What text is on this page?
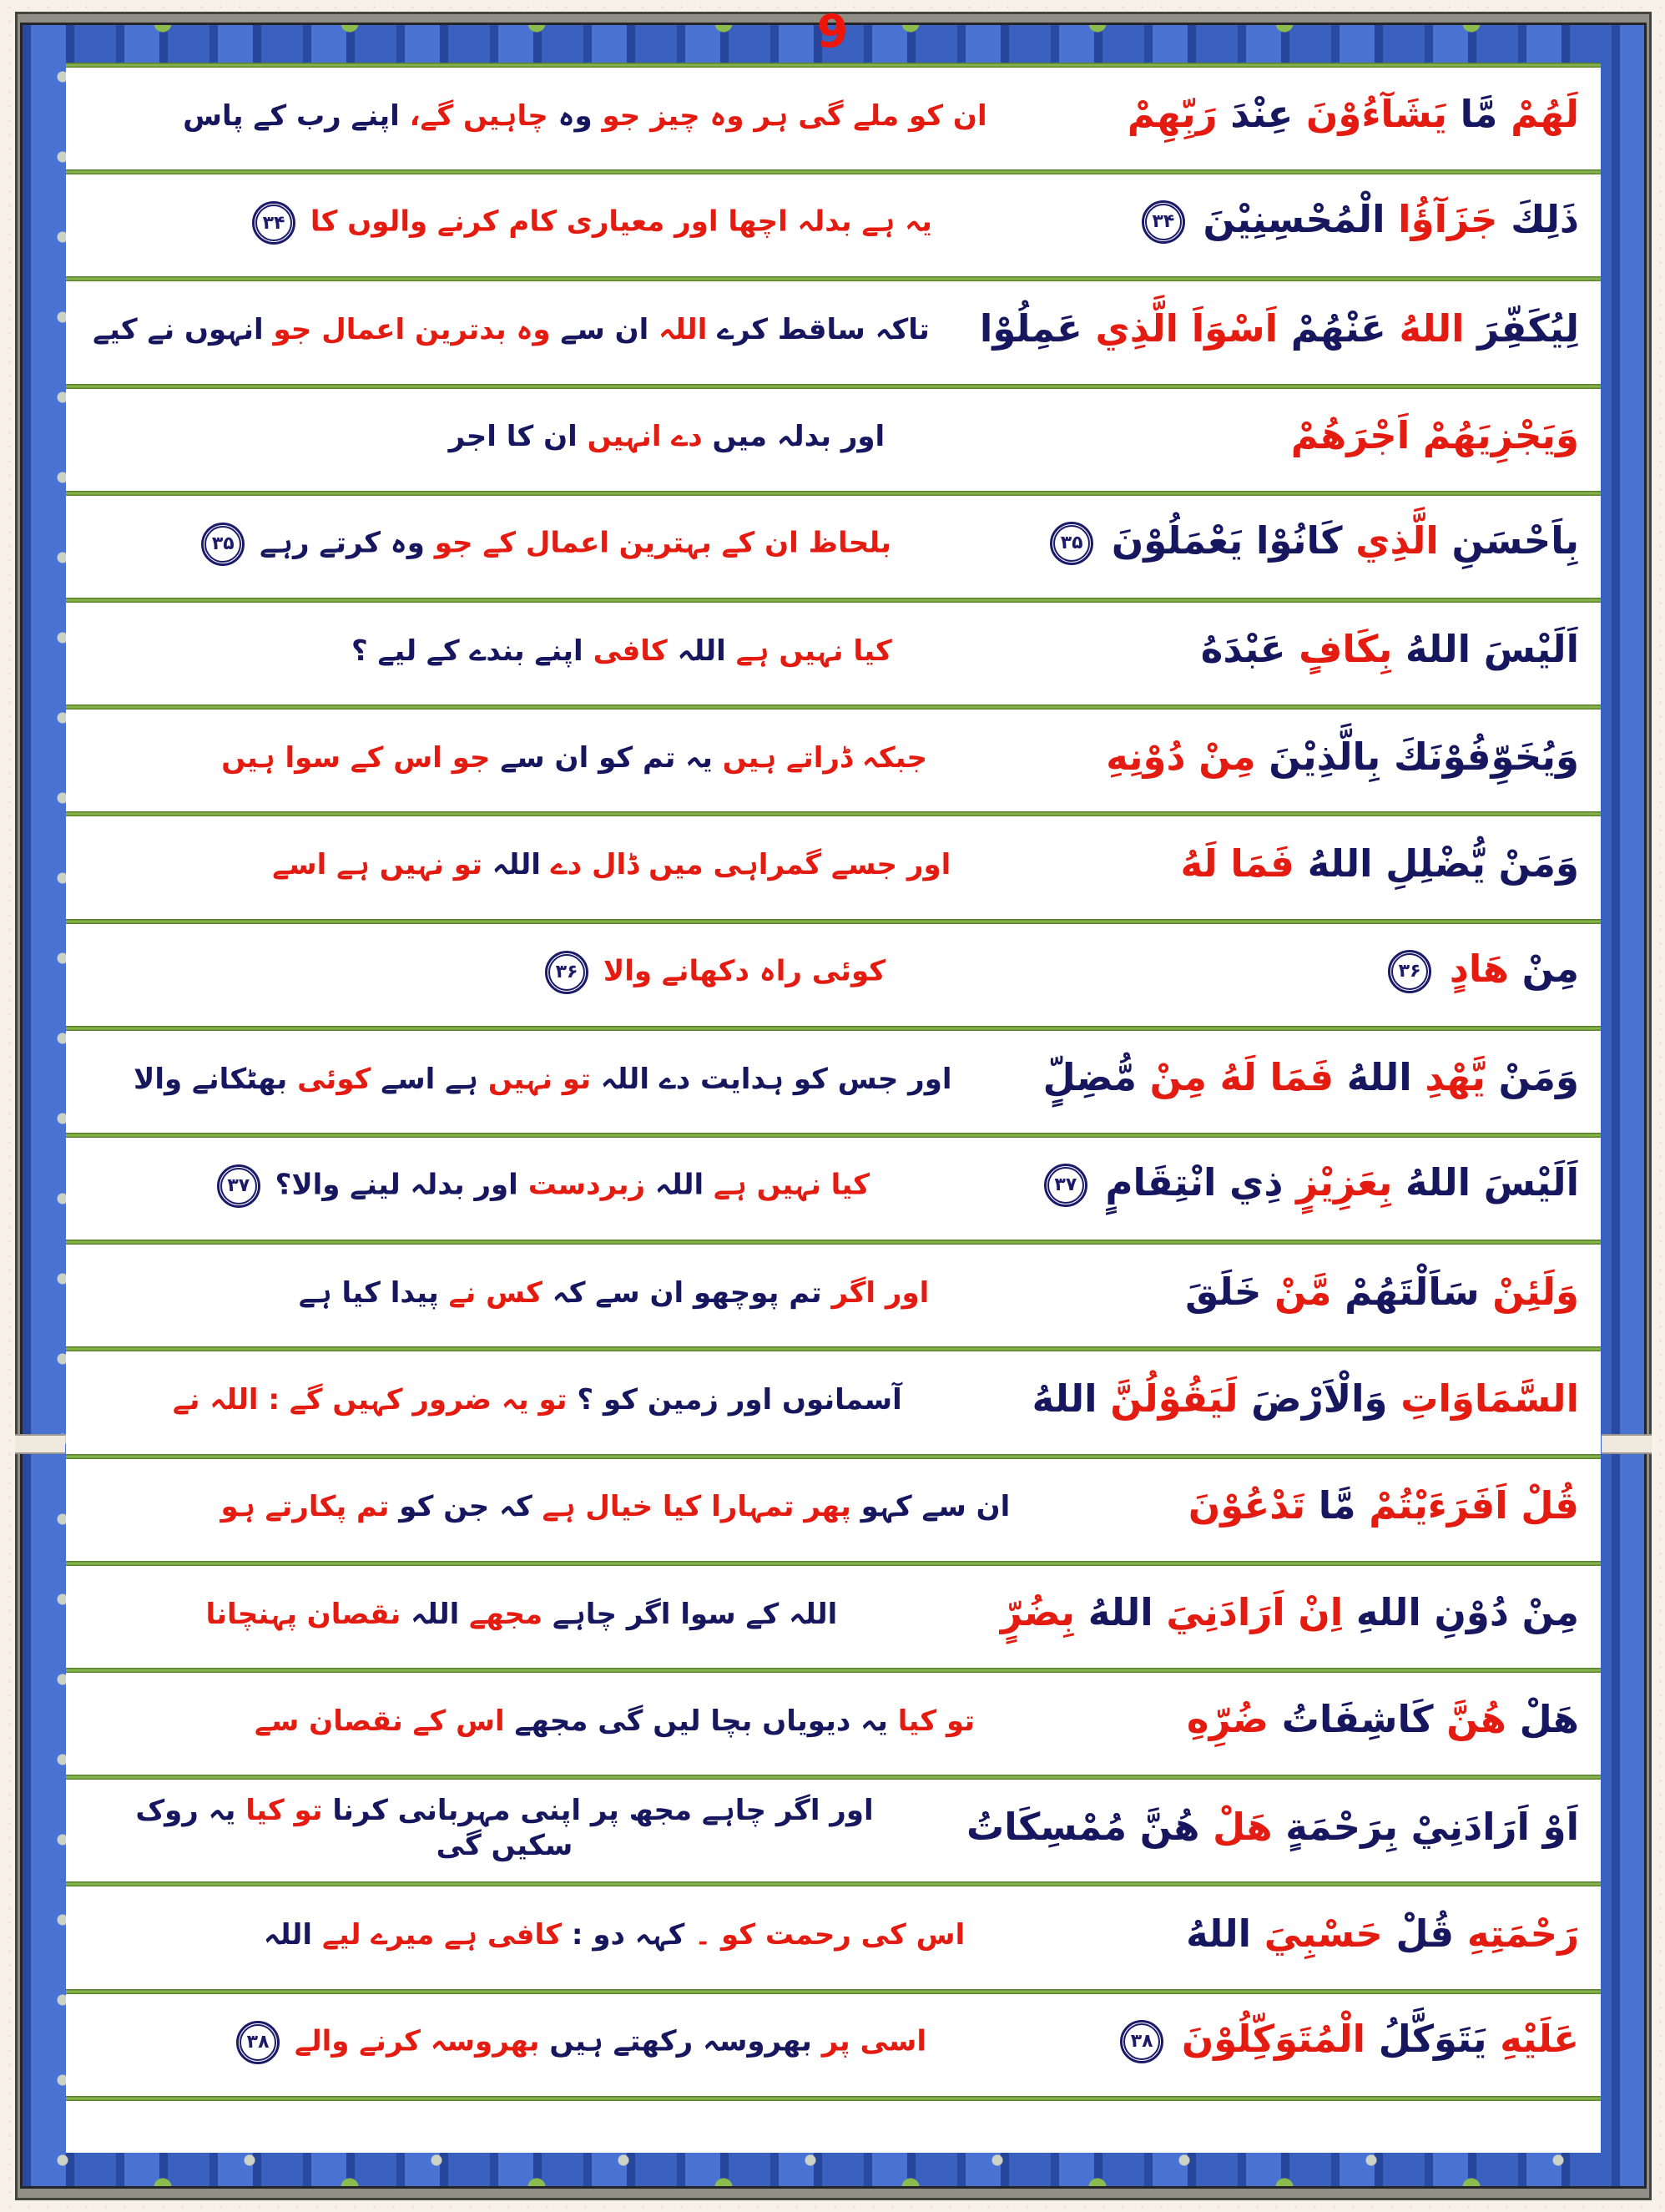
9
لَهُمْ مَّا يَشَآءُوْنَ عِنْدَ رَبِّهِمْ
ان کو ملے گی ہر وہ چیز جو وہ چاہیں گے، اپنے رب کے پاس
ذَلِكَ جَزَآؤُا الْمُحْسِنِيْنَ ۳۴
یہ ہے بدلہ اچھا اور معیاری کام کرنے والوں کا ۳۴
لِيُكَفِّرَ اللهُ عَنْهُمْ اَسْوَاَ الَّذِي عَمِلُوْا
تاکہ ساقط کرے اللہ ان سے وہ بدترین اعمال جو انہوں نے کیے
وَيَجْزِيَهُمْ اَجْرَهُمْ
اور بدلہ میں دے انہیں ان کا اجر
بِاَحْسَنِ الَّذِي كَانُوْا يَعْمَلُوْنَ ۳۵
بلحاظ ان کے بہترین اعمال کے جو وہ کرتے رہے ۳۵
اَلَيْسَ اللهُ بِكَافٍ عَبْدَهُ
کیا نہیں ہے اللہ کافی اپنے بندے کے لیے ؟
وَيُخَوِّفُوْنَكَ بِالَّذِيْنَ مِنْ دُوْنِهِ
جبکہ ڈراتے ہیں یہ تم کو ان سے جو اس کے سوا ہیں
وَمَنْ يُّضْلِلِ اللهُ فَمَا لَهُ
اور جسے گمراہی میں ڈال دے اللہ تو نہیں ہے اسے
مِنْ هَادٍ ۳۶
کوئی راہ دکھانے والا ۳۶
وَمَنْ يَّهْدِ اللهُ فَمَا لَهُ مِنْ مُّضِلٍّ
اور جس کو ہدایت دے اللہ تو نہیں ہے اسے کوئی بھٹکانے والا
اَلَيْسَ اللهُ بِعَزِيْزٍ ذِي انْتِقَامٍ ۳۷
کیا نہیں ہے اللہ زبردست اور بدلہ لینے والا؟ ۳۷
وَلَئِنْ سَاَلْتَهُمْ مَّنْ خَلَقَ
اور اگر تم پوچھو ان سے کہ کس نے پیدا کیا ہے
السَّمَاوَاتِ وَالْاَرْضَ لَيَقُوْلُنَّ اللهُ
آسمانوں اور زمین کو ؟ تو یہ ضرور کہیں گے : اللہ نے
قُلْ اَفَرَءَيْتُمْ مَّا تَدْعُوْنَ
ان سے کہو پھر تمہارا کیا خیال ہے کہ جن کو تم پکارتے ہو
مِنْ دُوْنِ اللهِ اِنْ اَرَادَنِيَ اللهُ بِضُرٍّ
اللہ کے سوا اگر چاہے مجھے اللہ نقصان پہنچانا
هَلْ هُنَّ كَاشِفَاتُ ضُرِّهِ
تو کیا یہ دیویاں بچا لیں گی مجھے اس کے نقصان سے
اَوْ اَرَادَنِيْ بِرَحْمَةٍ هَلْ هُنَّ مُمْسِكَاتُ
اور اگر چاہے مجھ پر اپنی مہربانی کرنا تو کیا یہ روک سکیں گی
رَحْمَتِهِ قُلْ حَسْبِيَ اللهُ
اس کی رحمت کو ۔ کہہ دو : کافی ہے میرے لیے اللہ
عَلَيْهِ يَتَوَكَّلُ الْمُتَوَكِّلُوْنَ ۳۸
اسی پر بھروسہ رکھتے ہیں بھروسہ کرنے والے ۳۸
